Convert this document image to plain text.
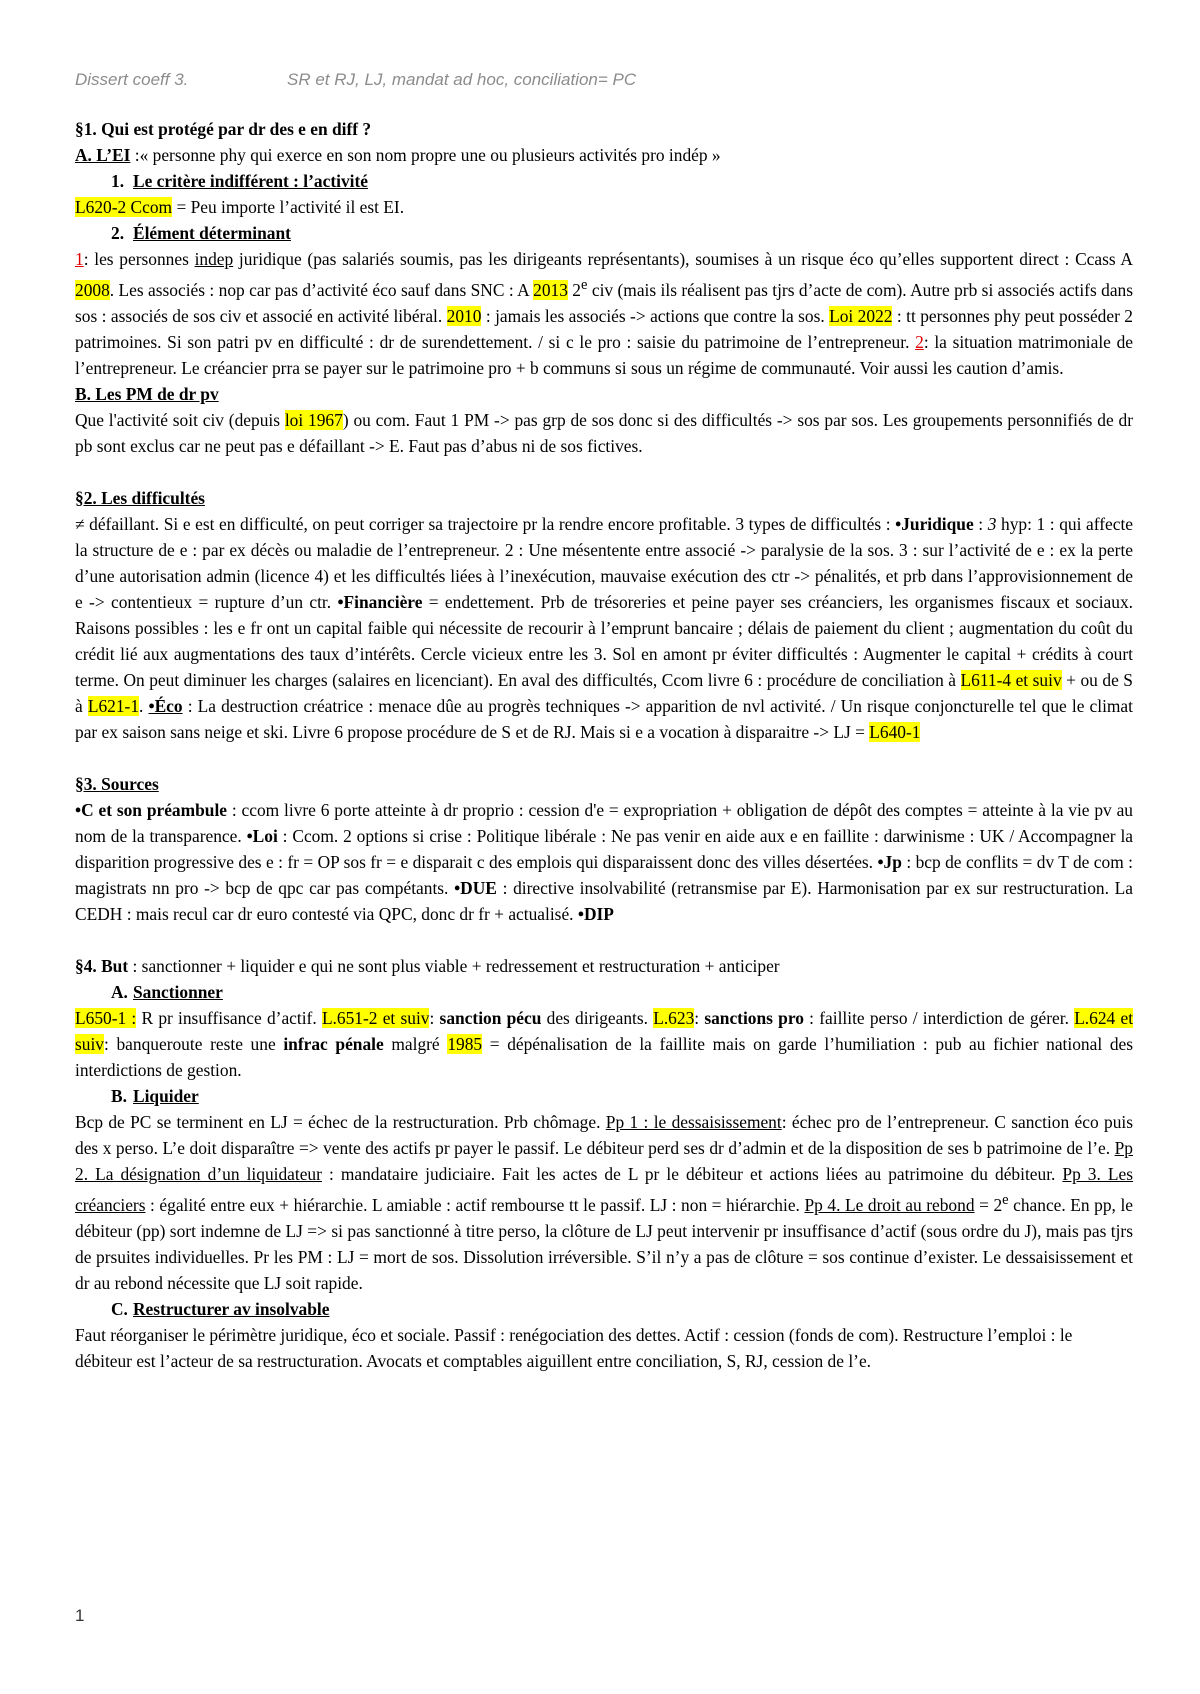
Dissert coeff 3.	SR et RJ, LJ, mandat ad hoc, conciliation= PC

§1. Qui est protégé par dr des e en diff ?

A. L’EI :« personne phy qui exerce en son nom propre une ou plusieurs activités pro indép »

1. Le critère indifférent : l’activité

L620-2 Ccom = Peu importe l’activité il est EI.

2. Élément déterminant

1: les personnes indep juridique (pas salariés soumis, pas les dirigeants représentants), soumises à un risque éco qu’elles supportent direct : Ccass A 2008. Les associés : nop car pas d’activité éco sauf dans SNC : A 2013 2e civ (mais ils réalisent pas tjrs d’acte de com). Autre prb si associés actifs dans sos : associés de sos civ et associé en activité libéral. 2010 : jamais les associés -> actions que contre la sos. Loi 2022 : tt personnes phy peut posséder 2 patrimoines. Si son patri pv en difficulté : dr de surendettement. / si c le pro : saisie du patrimoine de l’entrepreneur. 2: la situation matrimoniale de l’entrepreneur. Le créancier prra se payer sur le patrimoine pro + b communs si sous un régime de communauté. Voir aussi les caution d’amis.

B. Les PM de dr pv

Que l'activité soit civ (depuis loi 1967) ou com. Faut 1 PM -> pas grp de sos donc si des difficultés -> sos par sos. Les groupements personnifiés de dr pb sont exclus car ne peut pas e défaillant -> E. Faut pas d’abus ni de sos fictives.

§2. Les difficultés

≠ défaillant. Si e est en difficulté, on peut corriger sa trajectoire pr la rendre encore profitable. 3 types de difficultés : •Juridique : 3 hyp: 1 : qui affecte la structure de e : par ex décès ou maladie de l’entrepreneur. 2 : Une mésentente entre associé -> paralysie de la sos. 3 : sur l’activité de e : ex la perte d’une autorisation admin (licence 4) et les difficultés liées à l’inexécution, mauvaise exécution des ctr -> pénalités, et prb dans l’approvisionnement de e -> contentieux = rupture d’un ctr. •Financière = endettement. Prb de trésoreries et peine payer ses créanciers, les organismes fiscaux et sociaux. Raisons possibles : les e fr ont un capital faible qui nécessite de recourir à l’emprunt bancaire ; délais de paiement du client ; augmentation du coût du crédit lié aux augmentations des taux d’intérêts. Cercle vicieux entre les 3. Sol en amont pr éviter difficultés : Augmenter le capital + crédits à court terme. On peut diminuer les charges (salaires en licenciant). En aval des difficultés, Ccom livre 6 : procédure de conciliation à L611-4 et suiv + ou de S à L621-1. •Éco : La destruction créatrice : menace dûe au progrès techniques -> apparition de nvl activité. / Un risque conjoncturelle tel que le climat par ex saison sans neige et ski. Livre 6 propose procédure de S et de RJ. Mais si e a vocation à disparaitre -> LJ = L640-1

§3. Sources

•C et son préambule : ccom livre 6 porte atteinte à dr proprio : cession d'e = expropriation + obligation de dépôt des comptes = atteinte à la vie pv au nom de la transparence. •Loi : Ccom. 2 options si crise : Politique libérale : Ne pas venir en aide aux e en faillite : darwinisme : UK / Accompagner la disparition progressive des e : fr = OP sos fr = e disparait c des emplois qui disparaissent donc des villes désertées. •Jp : bcp de conflits = dv T de com : magistrats nn pro -> bcp de qpc car pas compétants. •DUE : directive insolvabilité (retransmise par E). Harmonisation par ex sur restructuration. La CEDH : mais recul car dr euro contesté via QPC, donc dr fr + actualisé. •DIP

§4. But : sanctionner + liquider e qui ne sont plus viable + redressement et restructuration + anticiper

A. Sanctionner

L650-1 : R pr insuffisance d’actif. L.651-2 et suiv: sanction pécu des dirigeants. L.623: sanctions pro : faillite perso / interdiction de gérer. L.624 et suiv: banqueroute reste une infrac pénale malgré 1985 = dépénalisation de la faillite mais on garde l’humiliation : pub au fichier national des interdictions de gestion.

B. Liquider

Bcp de PC se terminent en LJ = échec de la restructuration. Prb chômage. Pp 1 : le dessaisissement: échec pro de l’entrepreneur. C sanction éco puis des x perso. L’e doit disparaître => vente des actifs pr payer le passif. Le débiteur perd ses dr d’admin et de la disposition de ses b patrimoine de l’e. Pp 2. La désignation d’un liquidateur : mandataire judiciaire. Fait les actes de L pr le débiteur et actions liées au patrimoine du débiteur. Pp 3. Les créanciers : égalité entre eux + hiérarchie. L amiable : actif rembourse tt le passif. LJ : non = hiérarchie. Pp 4. Le droit au rebond = $2^e$ chance. En pp, le débiteur (pp) sort indemne de LJ => si pas sanctionné à titre perso, la clôture de LJ peut intervenir pr insuffisance d’actif (sous ordre du J), mais pas tjrs de prsuites individuelles. Pr les PM : LJ = mort de sos. Dissolution irréversible. S’il n’y a pas de clôture = sos continue d’exister. Le dessaisissement et dr au rebond nécessite que LJ soit rapide.

C. Restructurer av insolvable

Faut réorganiser le périmètre juridique, éco et sociale. Passif : renégociation des dettes. Actif : cession (fonds de com). Restructure l’emploi : le débiteur est l’acteur de sa restructuration. Avocats et comptables aiguillent entre conciliation, S, RJ, cession de l’e.

1
